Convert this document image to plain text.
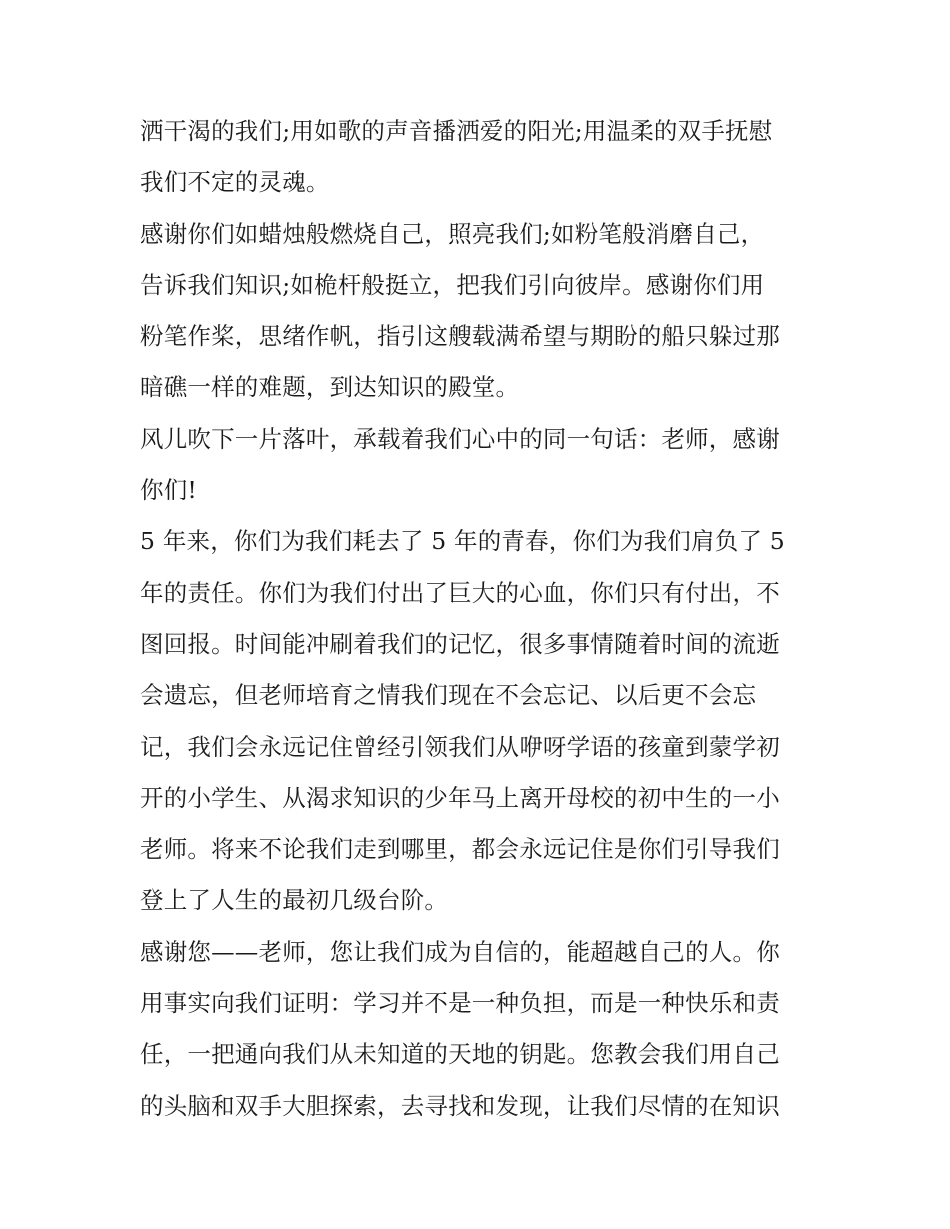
洒干渴的我们;用如歌的声音播洒爱的阳光;用温柔的双手抚慰
我们不定的灵魂。
感谢你们如蜡烛般燃烧自己，照亮我们;如粉笔般消磨自己，
告诉我们知识;如桅杆般挺立，把我们引向彼岸。感谢你们用
粉笔作桨，思绪作帆，指引这艘载满希望与期盼的船只躲过那
暗礁一样的难题，到达知识的殿堂。
风儿吹下一片落叶，承载着我们心中的同一句话：老师，感谢
你们!
5 年来，你们为我们耗去了 5 年的青春，你们为我们肩负了 5
年的责任。你们为我们付出了巨大的心血，你们只有付出，不
图回报。时间能冲刷着我们的记忆，很多事情随着时间的流逝
会遗忘，但老师培育之情我们现在不会忘记、以后更不会忘
记，我们会永远记住曾经引领我们从咿呀学语的孩童到蒙学初
开的小学生、从渴求知识的少年马上离开母校的初中生的一小
老师。将来不论我们走到哪里，都会永远记住是你们引导我们
登上了人生的最初几级台阶。
感谢您——老师，您让我们成为自信的，能超越自己的人。你
用事实向我们证明：学习并不是一种负担，而是一种快乐和责
任，一把通向我们从未知道的天地的钥匙。您教会我们用自己
的头脑和双手大胆探索，去寻找和发现，让我们尽情的在知识
